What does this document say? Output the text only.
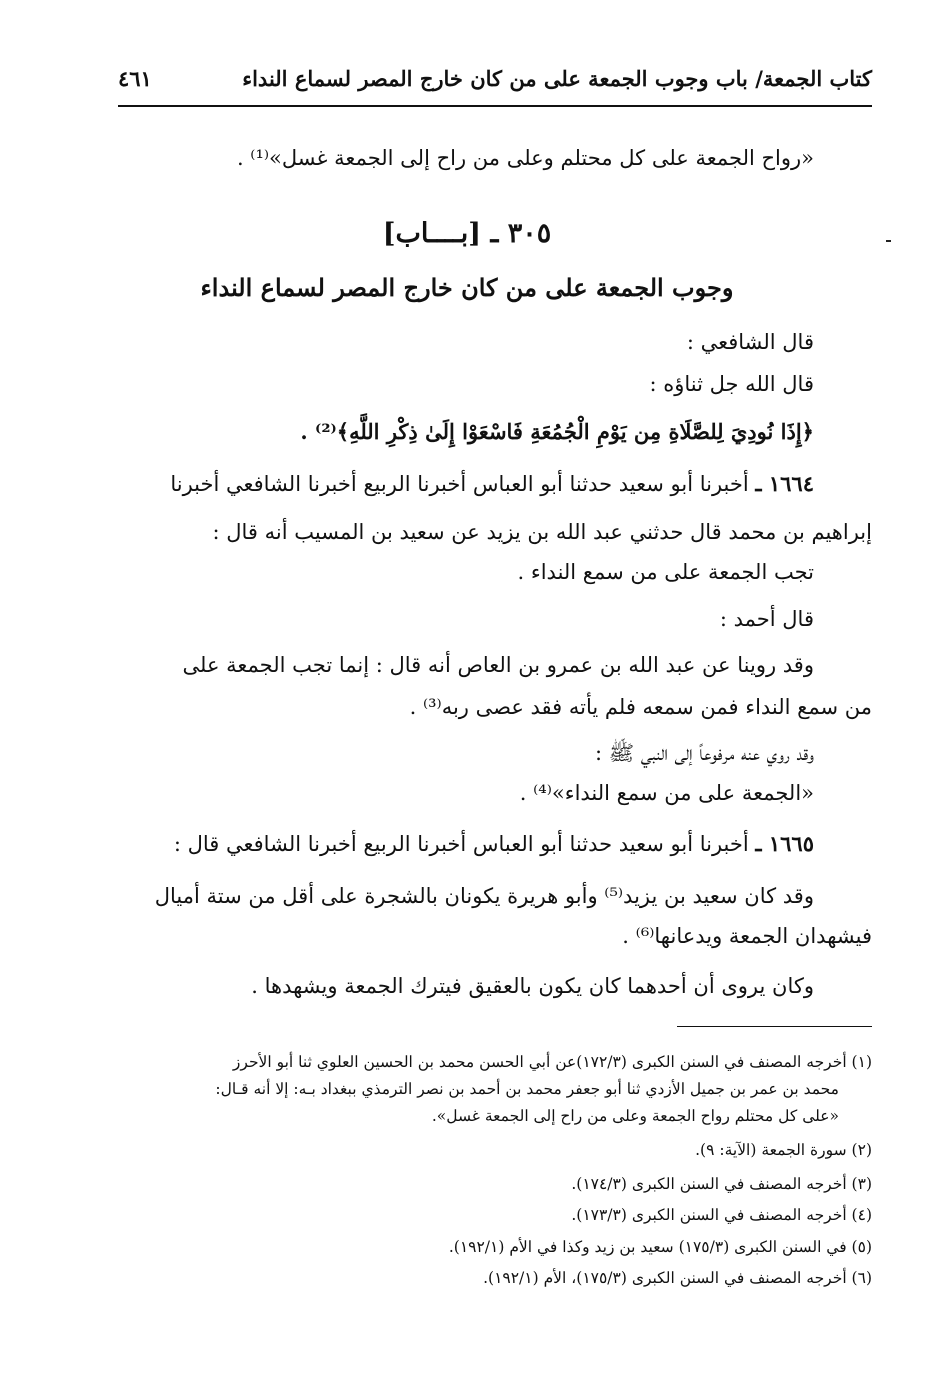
كتاب الجمعة/ باب وجوب الجمعة على من كان خارج المصر لسماع النداء
٤٦١
«رواح الجمعة على كل محتلم وعلى من راح إلى الجمعة غسل»⁽¹⁾ .
٣٠٥ ـ [بــــاب]
وجوب الجمعة على من كان خارج المصر لسماع النداء
قال الشافعي :
قال الله جل ثناؤه :
﴿إِذَا نُودِيَ لِلصَّلَاةِ مِن يَوْمِ الْجُمُعَةِ فَاسْعَوْا إِلَىٰ ذِكْرِ اللَّهِ﴾⁽²⁾ .
١٦٦٤ ـ أخبرنا أبو سعيد حدثنا أبو العباس أخبرنا الربيع أخبرنا الشافعي أخبرنا
إبراهيم بن محمد قال حدثني عبد الله بن يزيد عن سعيد بن المسيب أنه قال :
تجب الجمعة على من سمع النداء .
قال أحمد :
وقد روينا عن عبد الله بن عمرو بن العاص أنه قال : إنما تجب الجمعة على
من سمع النداء فمن سمعه فلم يأته فقد عصى ربه⁽³⁾ .
وقد روي عنه مرفوعاً إلى النبي ﷺ :
«الجمعة على من سمع النداء»⁽⁴⁾ .
١٦٦٥ ـ أخبرنا أبو سعيد حدثنا أبو العباس أخبرنا الربيع أخبرنا الشافعي قال :
وقد كان سعيد بن يزيد⁽⁵⁾ وأبو هريرة يكونان بالشجرة على أقل من ستة أميال
فيشهدان الجمعة ويدعانها⁽⁶⁾ .
وكان يروى أن أحدهما كان يكون بالعقيق فيترك الجمعة ويشهدها .
(١) أخرجه المصنف في السنن الكبرى (١٧٢/٣)عن أبي الحسن محمد بن الحسين العلوي ثنا أبو الأحرز
محمد بن عمر بن جميل الأزدي ثنا أبو جعفر محمد بن أحمد بن نصر الترمذي ببغداد بـه: إلا أنه قـال:
«على كل محتلم رواح الجمعة وعلى من راح إلى الجمعة غسل».
(٢) سورة الجمعة (الآية: ٩).
(٣) أخرجه المصنف في السنن الكبرى (١٧٤/٣).
(٤) أخرجه المصنف في السنن الكبرى (١٧٣/٣).
(٥) في السنن الكبرى (١٧٥/٣) سعيد بن زيد وكذا في الأم (١٩٢/١).
(٦) أخرجه المصنف في السنن الكبرى (١٧٥/٣)، الأم (١٩٢/١).
